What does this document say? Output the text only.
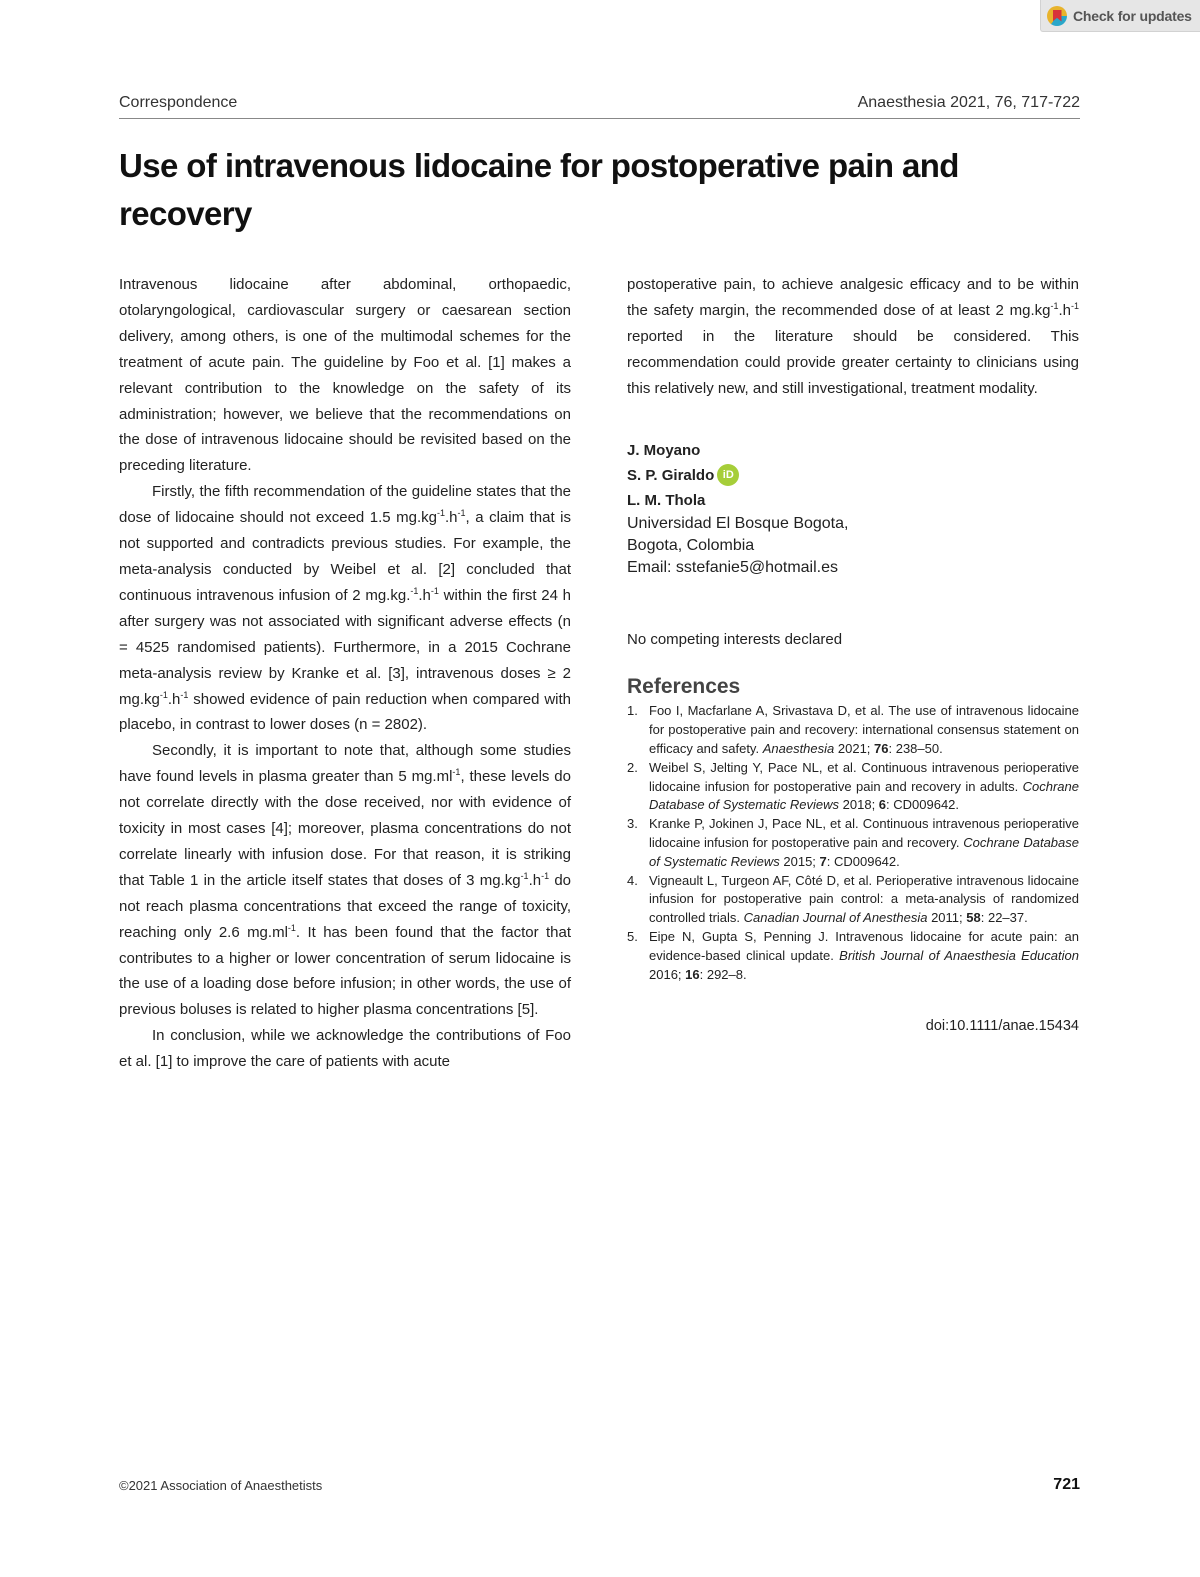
Check for updates
Correspondence	Anaesthesia 2021, 76, 717-722
Use of intravenous lidocaine for postoperative pain and recovery

Intravenous lidocaine after abdominal, orthopaedic, otolaryngological, cardiovascular surgery or caesarean section delivery, among others, is one of the multimodal schemes for the treatment of acute pain. The guideline by Foo et al. [1] makes a relevant contribution to the knowledge on the safety of its administration; however, we believe that the recommendations on the dose of intravenous lidocaine should be revisited based on the preceding literature.

Firstly, the fifth recommendation of the guideline states that the dose of lidocaine should not exceed 1.5 $mg.kg^{-1}.h^{-1}$, a claim that is not supported and contradicts previous studies. For example, the meta-analysis conducted by Weibel et al. [2] concluded that continuous intravenous infusion of 2 $mg.kg.^{-1}.h^{-1}$ within the first 24 h after surgery was not associated with significant adverse effects (n = 4525 randomised patients). Furthermore, in a 2015 Cochrane meta-analysis review by Kranke et al. [3], intravenous doses ≥ 2 $mg.kg^{-1}.h^{-1}$ showed evidence of pain reduction when compared with placebo, in contrast to lower doses (n = 2802).

Secondly, it is important to note that, although some studies have found levels in plasma greater than 5 $mg.ml^{-1}$, these levels do not correlate directly with the dose received, nor with evidence of toxicity in most cases [4]; moreover, plasma concentrations do not correlate linearly with infusion dose. For that reason, it is striking that Table 1 in the article itself states that doses of 3 $mg.kg^{-1}.h^{-1}$ do not reach plasma concentrations that exceed the range of toxicity, reaching only 2.6 $mg.ml^{-1}$. It has been found that the factor that contributes to a higher or lower concentration of serum lidocaine is the use of a loading dose before infusion; in other words, the use of previous boluses is related to higher plasma concentrations [5].

In conclusion, while we acknowledge the contributions of Foo et al. [1] to improve the care of patients with acute

postoperative pain, to achieve analgesic efficacy and to be within the safety margin, the recommended dose of at least 2 $mg.kg^{-1}.h^{-1}$ reported in the literature should be considered. This recommendation could provide greater certainty to clinicians using this relatively new, and still investigational, treatment modality.

J. Moyano
S. P. Giraldo iD
L. M. Thola
Universidad El Bosque Bogota,
Bogota, Colombia
Email: sstefanie5@hotmail.es
No competing interests declared
References
1. Foo I, Macfarlane A, Srivastava D, et al. The use of intravenous lidocaine for postoperative pain and recovery: international consensus statement on efficacy and safety. Anaesthesia 2021; 76: 238–50.
2. Weibel S, Jelting Y, Pace NL, et al. Continuous intravenous perioperative lidocaine infusion for postoperative pain and recovery in adults. Cochrane Database of Systematic Reviews 2018; 6: CD009642.
3. Kranke P, Jokinen J, Pace NL, et al. Continuous intravenous perioperative lidocaine infusion for postoperative pain and recovery. Cochrane Database of Systematic Reviews 2015; 7: CD009642.
4. Vigneault L, Turgeon AF, Côté D, et al. Perioperative intravenous lidocaine infusion for postoperative pain control: a meta-analysis of randomized controlled trials. Canadian Journal of Anesthesia 2011; 58: 22–37.
5. Eipe N, Gupta S, Penning J. Intravenous lidocaine for acute pain: an evidence-based clinical update. British Journal of Anaesthesia Education 2016; 16: 292–8.
doi:10.1111/anae.15434
©2021 Association of Anaesthetists	721
